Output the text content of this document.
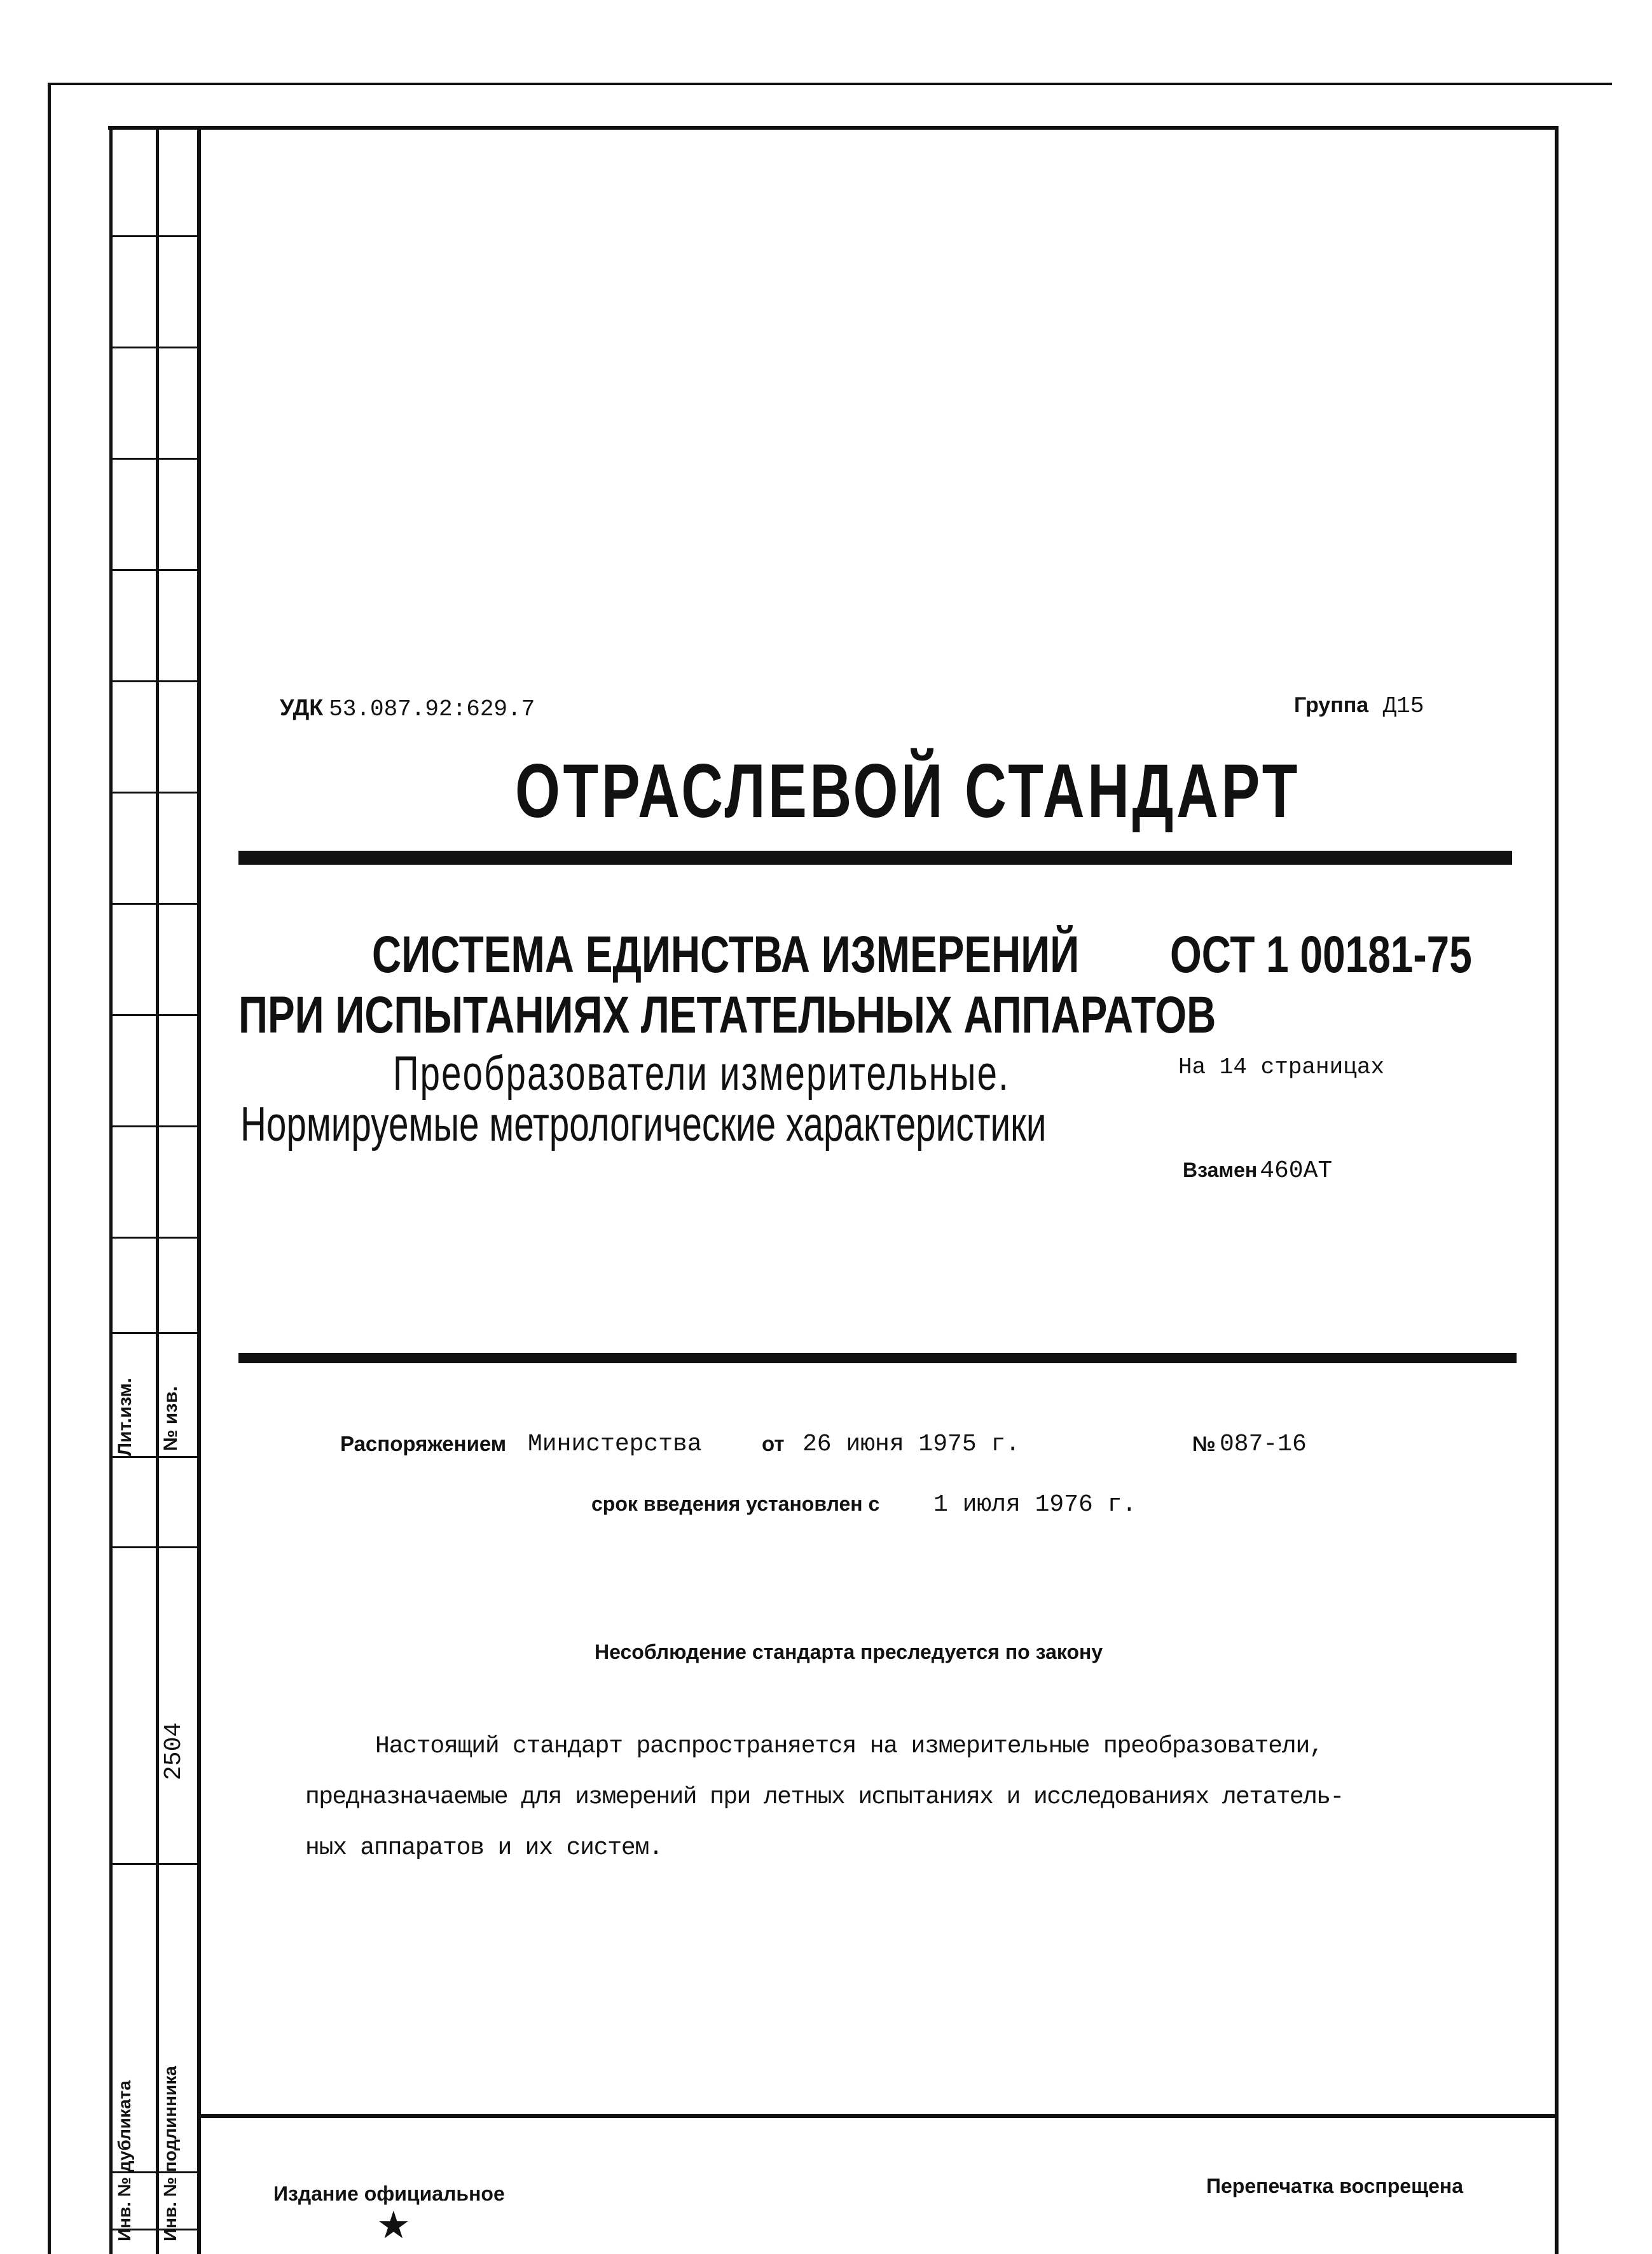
Лит.изм. № изв.
2504
Инв. № дубликата Инв. № подлинника
УДК 53.087.92:629.7	Группа Д15
ОТРАСЛЕВОЙ СТАНДАРТ
СИСТЕМА ЕДИНСТВА ИЗМЕРЕНИЙ
ПРИ ИСПЫТАНИЯХ ЛЕТАТЕЛЬНЫХ АППАРАТОВ
Преобразователи измерительные.
Нормируемые метрологические характеристики
ОСТ 1 00181-75
На 14 страницах
Взамен 460АТ
Распоряжением Министерства	от 26 июня 1975 г.	№ 087-16
срок введения установлен с 1 июля 1976 г.
Несоблюдение стандарта преследуется по закону
Настоящий стандарт распространяется на измерительные преобразователи,
предназначаемые для измерений при летных испытаниях и исследованиях летатель-
ных аппаратов и их систем.
Издание официальное
★
Перепечатка воспрещена
